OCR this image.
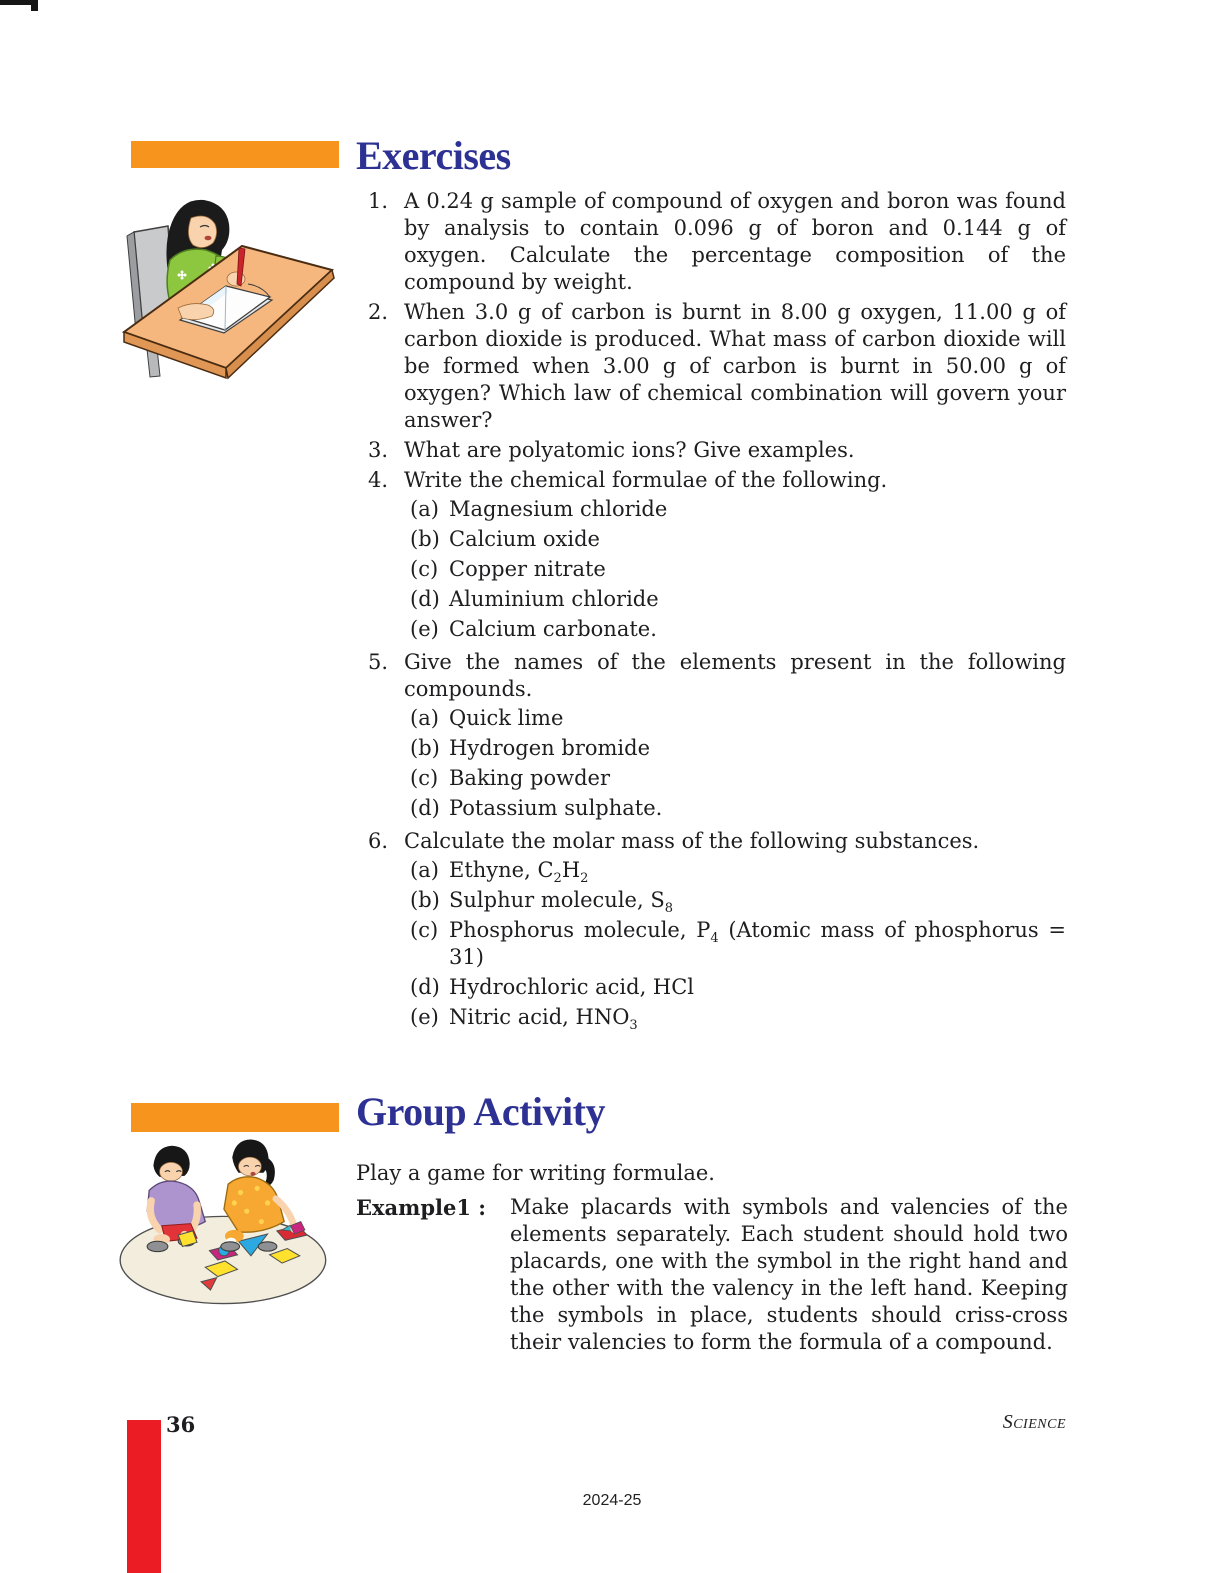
Exercises
1. A 0.24 g sample of compound of oxygen and boron was found by analysis to contain 0.096 g of boron and 0.144 g of oxygen. Calculate the percentage composition of the compound by weight.
2. When 3.0 g of carbon is burnt in 8.00 g oxygen, 11.00 g of carbon dioxide is produced. What mass of carbon dioxide will be formed when 3.00 g of carbon is burnt in 50.00 g of oxygen? Which law of chemical combination will govern your answer?
3. What are polyatomic ions? Give examples.
4. Write the chemical formulae of the following.
(a) Magnesium chloride
(b) Calcium oxide
(c) Copper nitrate
(d) Aluminium chloride
(e) Calcium carbonate.
5. Give the names of the elements present in the following compounds.
(a) Quick lime
(b) Hydrogen bromide
(c) Baking powder
(d) Potassium sulphate.
6. Calculate the molar mass of the following substances.
(a) Ethyne, $C_2H_2$
(b) Sulphur molecule, $S_8$
(c) Phosphorus molecule, $P_4$ (Atomic mass of phosphorus = 31)
(d) Hydrochloric acid, HCl
(e) Nitric acid, $HNO_3$
Group Activity

Play a game for writing formulae.

Example1 :	Make placards with symbols and valencies of the elements separately. Each student should hold two placards, one with the symbol in the right hand and the other with the valency in the left hand. Keeping the symbols in place, students should criss-cross their valencies to form the formula of a compound.
36	Science
2024-25
